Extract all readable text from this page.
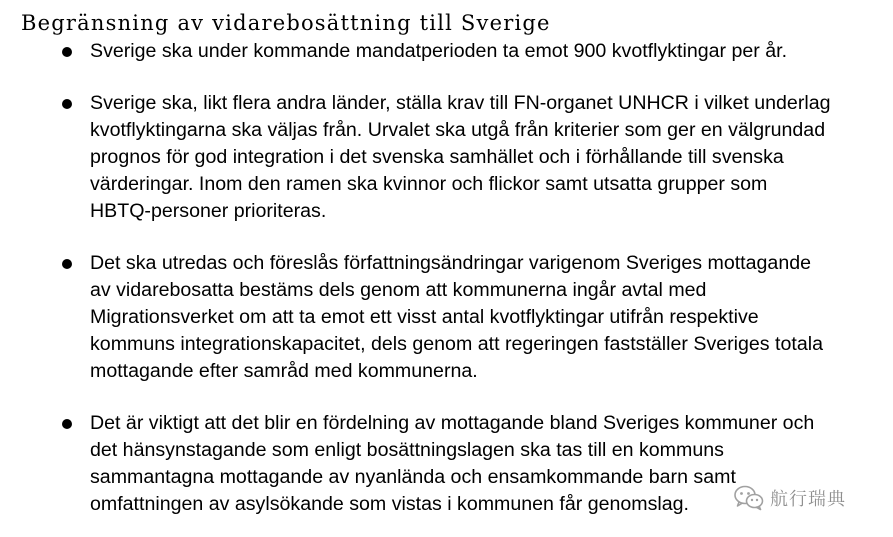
Begränsning av vidarebosättning till Sverige
Sverige ska under kommande mandatperioden ta emot 900 kvotflyktingar per år.
Sverige ska, likt flera andra länder, ställa krav till FN-organet UNHCR i vilket underlag
kvotflyktingarna ska väljas från. Urvalet ska utgå från kriterier som ger en välgrundad
prognos för god integration i det svenska samhället och i förhållande till svenska
värderingar. Inom den ramen ska kvinnor och flickor samt utsatta grupper som
HBTQ-personer prioriteras.
Det ska utredas och föreslås författningsändringar varigenom Sveriges mottagande
av vidarebosatta bestäms dels genom att kommunerna ingår avtal med
Migrationsverket om att ta emot ett visst antal kvotflyktingar utifrån respektive
kommuns integrationskapacitet, dels genom att regeringen fastställer Sveriges totala
mottagande efter samråd med kommunerna.
Det är viktigt att det blir en fördelning av mottagande bland Sveriges kommuner och
det hänsynstagande som enligt bosättningslagen ska tas till en kommuns
sammantagna mottagande av nyanlända och ensamkommande barn samt
omfattningen av asylsökande som vistas i kommunen får genomslag.	航行瑞典
